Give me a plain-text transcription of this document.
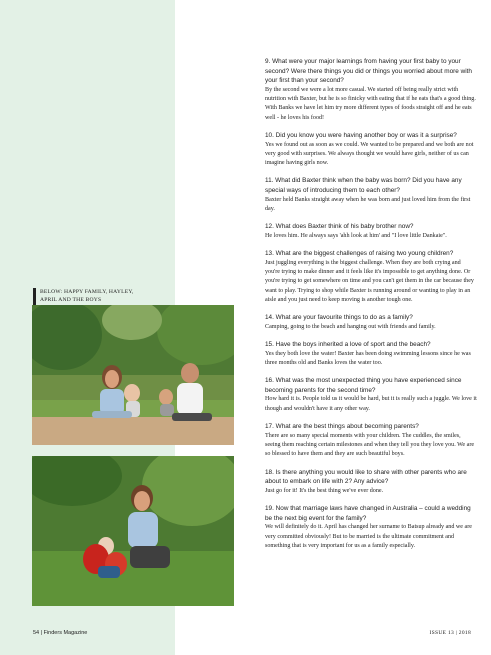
BELOW: HAPPY FAMILY, HAYLEY,
APRIL AND THE BOYS

9. What were your major learnings from having your first baby to your second? Were there things you did or things you worried about more with your first than your second?

By the second we were a lot more casual. We started off being really strict with nutrition with Baxter, but he is so finicky with eating that if he eats that's a good thing. With Banks we have let him try more different types of foods straight off and he eats well - he loves his food!

10. Did you know you were having another boy or was it a surprise?

Yes we found out as soon as we could. We wanted to be prepared and we both are not very good with surprises. We always thought we would have girls, neither of us can imagine having girls now.

11. What did Baxter think when the baby was born? Did you have any special ways of introducing them to each other?

Baxter held Banks straight away when he was born and just loved him from the first day.

12. What does Baxter think of his baby brother now?

He loves him. He always says 'ahh look at him' and "I love little Dankaie".

13. What are the biggest challenges of raising two young children?

Just juggling everything is the biggest challenge. When they are both crying and you're trying to make dinner and it feels like it's impossible to get anything done. Or you're trying to get somewhere on time and you can't get them in the car because they want to play. Trying to shop while Baxter is running around or wanting to play in an aisle and you just need to keep moving is another tough one.

14. What are your favourite things to do as a family?

Camping, going to the beach and hanging out with friends and family.

15. Have the boys inherited a love of sport and the beach?

Yes they both love the water! Baxter has been doing swimming lessons since he was three months old and Banks loves the water too.

16. What was the most unexpected thing you have experienced since becoming parents for the second time?

How hard it is. People told us it would be hard, but it is really such a juggle. We love it though and wouldn't have it any other way.

17. What are the best things about becoming parents?

There are so many special moments with your children. The cuddles, the smiles, seeing them reaching certain milestones and when they tell you they love you. We are so blessed to have them and they are such beautiful boys.

18. Is there anything you would like to share with other parents who are about to embark on life with 2? Any advice?

Just go for it! It's the best thing we've ever done.

19. Now that marriage laws have changed in Australia – could a wedding be the next big event for the family?

We will definitely do it. April has changed her surname to Batsup already and we are very committed obviously! But to be married is the ultimate commitment and something that is very important for us as a family especially.

54 | Finders Magazine	ISSUE 13 | 2018
